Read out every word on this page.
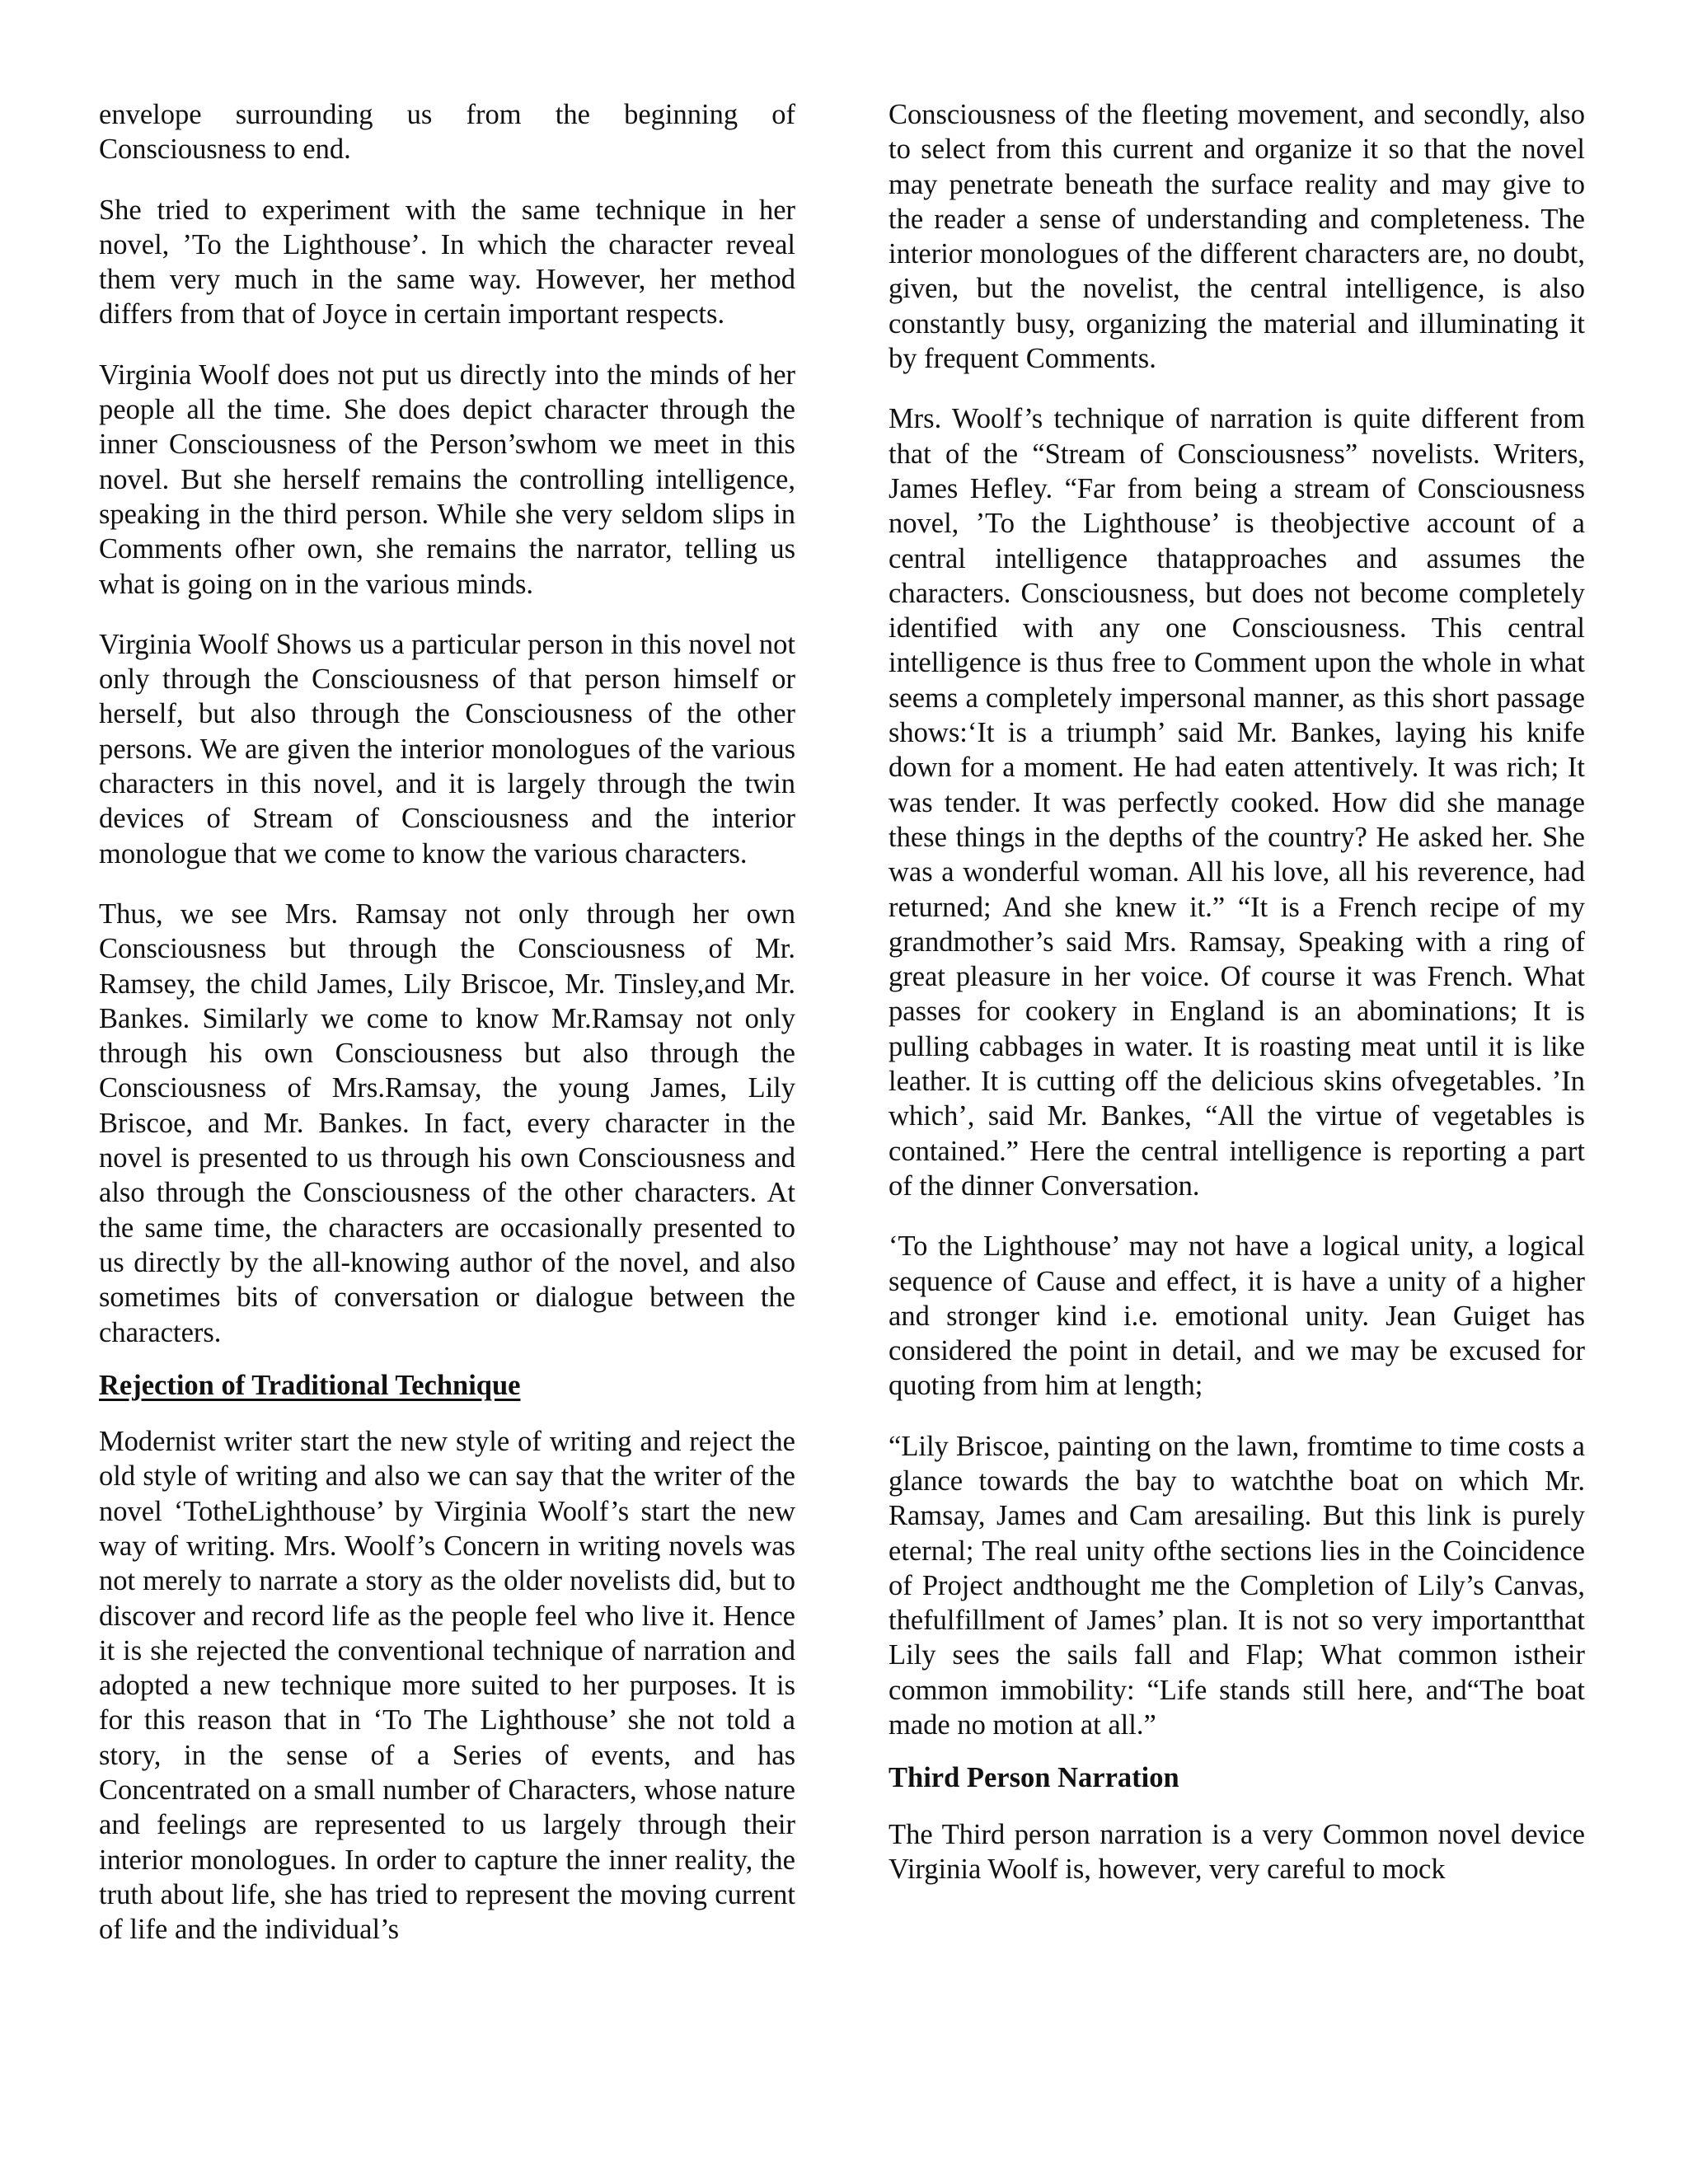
envelope surrounding us from the beginning of Consciousness to end.

She tried to experiment with the same technique in her novel, ’To the Lighthouse’. In which the character reveal them very much in the same way. However, her method differs from that of Joyce in certain important respects.

Virginia Woolf does not put us directly into the minds of her people all the time. She does depict character through the inner Consciousness of the Person’swhom we meet in this novel. But she herself remains the controlling intelligence, speaking in the third person. While she very seldom slips in Comments ofher own, she remains the narrator, telling us what is going on in the various minds.

Virginia Woolf Shows us a particular person in this novel not only through the Consciousness of that person himself or herself, but also through the Consciousness of the other persons. We are given the interior monologues of the various characters in this novel, and it is largely through the twin devices of Stream of Consciousness and the interior monologue that we come to know the various characters.

Thus, we see Mrs. Ramsay not only through her own Consciousness but through the Consciousness of Mr. Ramsey, the child James, Lily Briscoe, Mr. Tinsley,and Mr. Bankes. Similarly we come to know Mr.Ramsay not only through his own Consciousness but also through the Consciousness of Mrs.Ramsay, the young James, Lily Briscoe, and Mr. Bankes. In fact, every character in the novel is presented to us through his own Consciousness and also through the Consciousness of the other characters. At the same time, the characters are occasionally presented to us directly by the all-knowing author of the novel, and also sometimes bits of conversation or dialogue between the characters.

Rejection of Traditional Technique

Modernist writer start the new style of writing and reject the old style of writing and also we can say that the writer of the novel ‘TotheLighthouse’ by Virginia Woolf’s start the new way of writing. Mrs. Woolf’s Concern in writing novels was not merely to narrate a story as the older novelists did, but to discover and record life as the people feel who live it. Hence it is she rejected the conventional technique of narration and adopted a new technique more suited to her purposes. It is for this reason that in ‘To The Lighthouse’ she not told a story, in the sense of a Series of events, and has Concentrated on a small number of Characters, whose nature and feelings are represented to us largely through their interior monologues. In order to capture the inner reality, the truth about life, she has tried to represent the moving current of life and the individual’s

Consciousness of the fleeting movement, and secondly, also to select from this current and organize it so that the novel may penetrate beneath the surface reality and may give to the reader a sense of understanding and completeness. The interior monologues of the different characters are, no doubt, given, but the novelist, the central intelligence, is also constantly busy, organizing the material and illuminating it by frequent Comments.

Mrs. Woolf’s technique of narration is quite different from that of the “Stream of Consciousness” novelists. Writers, James Hefley. “Far from being a stream of Consciousness novel, ’To the Lighthouse’ is theobjective account of a central intelligence thatapproaches and assumes the characters. Consciousness, but does not become completely identified with any one Consciousness. This central intelligence is thus free to Comment upon the whole in what seems a completely impersonal manner, as this short passage shows:‘It is a triumph’ said Mr. Bankes, laying his knife down for a moment. He had eaten attentively. It was rich; It was tender. It was perfectly cooked. How did she manage these things in the depths of the country? He asked her. She was a wonderful woman. All his love, all his reverence, had returned; And she knew it.” “It is a French recipe of my grandmother’s said Mrs. Ramsay, Speaking with a ring of great pleasure in her voice. Of course it was French. What passes for cookery in England is an abominations; It is pulling cabbages in water. It is roasting meat until it is like leather. It is cutting off the delicious skins ofvegetables. ’In which’, said Mr. Bankes, “All the virtue of vegetables is contained.” Here the central intelligence is reporting a part of the dinner Conversation.

‘To the Lighthouse’ may not have a logical unity, a logical sequence of Cause and effect, it is have a unity of a higher and stronger kind i.e. emotional unity. Jean Guiget has considered the point in detail, and we may be excused for quoting from him at length;

“Lily Briscoe, painting on the lawn, fromtime to time costs a glance towards the bay to watchthe boat on which Mr. Ramsay, James and Cam aresailing. But this link is purely eternal; The real unity ofthe sections lies in the Coincidence of Project andthought me the Completion of Lily’s Canvas, thefulfillment of James’ plan. It is not so very importantthat Lily sees the sails fall and Flap; What common istheir common immobility: “Life stands still here, and“The boat made no motion at all.”

Third Person Narration

The Third person narration is a very Common novel device Virginia Woolf is, however, very careful to mock
